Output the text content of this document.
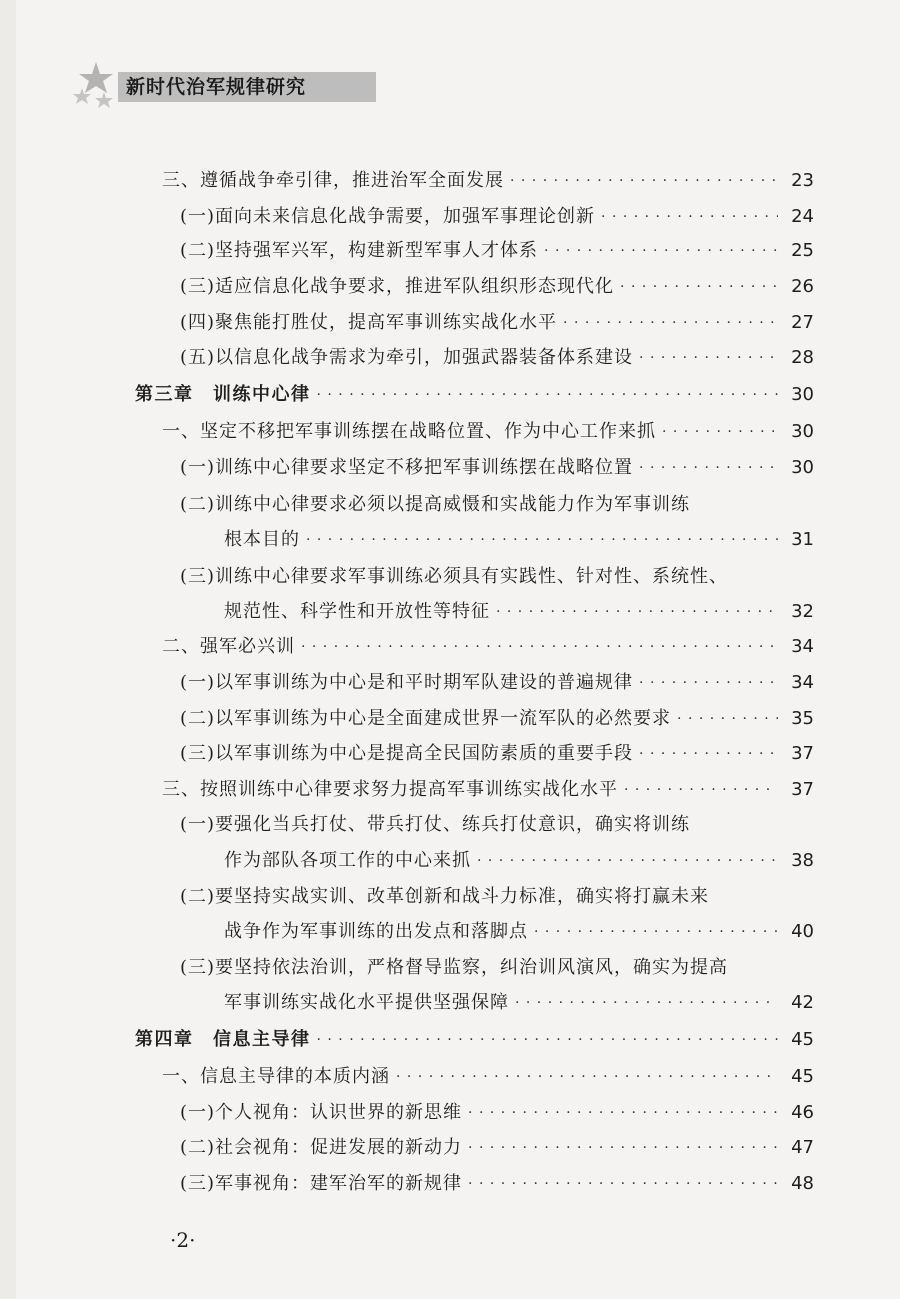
新时代治军规律研究
三、遵循战争牵引律，推进治军全面发展 · · ·	23
(一)面向未来信息化战争需要，加强军事理论创新 · · ·	24
(二)坚持强军兴军，构建新型军事人才体系 · · ·	25
(三)适应信息化战争要求，推进军队组织形态现代化 · · ·	26
(四)聚焦能打胜仗，提高军事训练实战化水平 · · ·	27
(五)以信息化战争需求为牵引，加强武器装备体系建设 · · ·	28
第三章　训练中心律 · · ·	30
一、坚定不移把军事训练摆在战略位置、作为中心工作来抓 · · ·	30
(一)训练中心律要求坚定不移把军事训练摆在战略位置 · · ·	30
(二)训练中心律要求必须以提高威慑和实战能力作为军事训练
根本目的 · · ·	31
(三)训练中心律要求军事训练必须具有实践性、针对性、系统性、
规范性、科学性和开放性等特征 · · ·	32
二、强军必兴训 · · ·	34
(一)以军事训练为中心是和平时期军队建设的普遍规律 · · ·	34
(二)以军事训练为中心是全面建成世界一流军队的必然要求 · · ·	35
(三)以军事训练为中心是提高全民国防素质的重要手段 · · ·	37
三、按照训练中心律要求努力提高军事训练实战化水平 · · ·	37
(一)要强化当兵打仗、带兵打仗、练兵打仗意识，确实将训练
作为部队各项工作的中心来抓 · · ·	38
(二)要坚持实战实训、改革创新和战斗力标准，确实将打赢未来
战争作为军事训练的出发点和落脚点 · · ·	40
(三)要坚持依法治训，严格督导监察，纠治训风演风，确实为提高
军事训练实战化水平提供坚强保障 · · ·	42
第四章　信息主导律 · · ·	45
一、信息主导律的本质内涵 · · ·	45
(一)个人视角：认识世界的新思维 · · ·	46
(二)社会视角：促进发展的新动力 · · ·	47
(三)军事视角：建军治军的新规律 · · ·	48
·2·
